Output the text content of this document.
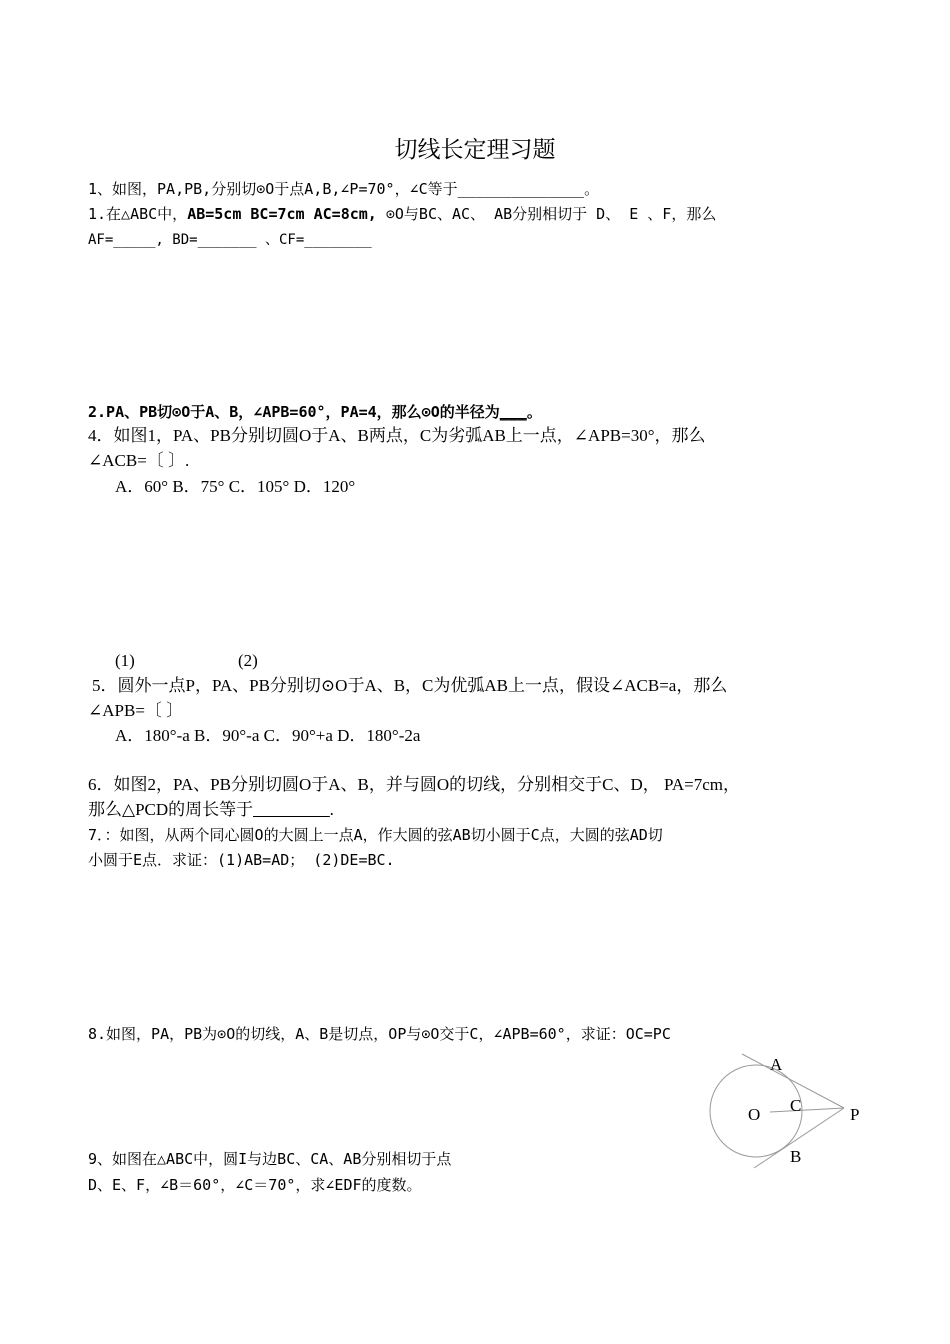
切线长定理习题
1、如图，PA,PB,分别切⊙O于点A,B,∠P=70°，∠C等于______________。
1.在△ABC中，AB=5cm BC=7cm AC=8cm, ⊙O与BC、AC、 AB分别相切于 D、 E 、F，那么
AF=_____, BD=_______ 、CF=________
2.PA、PB切⊙O于A、B，∠APB=60°，PA=4，那么⊙O的半径为___。
4．如图1，PA、PB分别切圆O于A、B两点，C为劣弧AB上一点，∠APB=30°，那么
∠ACB=〔 〕.
A．60° B．75° C．105° D．120°
(1)	(2)
5．圆外一点P，PA、PB分别切⊙O于A、B，C为优弧AB上一点，假设∠ACB=a，那么
∠APB=〔 〕
A．180°-a B．90°-a C．90°+a D．180°-2a
6．如图2，PA、PB分别切圆O于A、B，并与圆O的切线，分别相交于C、D， PA=7cm，
那么△PCD的周长等于_________.
7．：如图，从两个同心圆O的大圆上一点A，作大圆的弦AB切小圆于C点，大圆的弦AD切
小圆于E点．求证：(1)AB=AD； (2)DE=BC.
8.如图，PA，PB为⊙O的切线，A、B是切点，OP与⊙O交于C，∠APB=60°，求证：OC=PC
A
C
O	P
B
9、如图在△ABC中，圆I与边BC、CA、AB分别相切于点
D、E、F，∠B＝60°，∠C＝70°，求∠EDF的度数。
